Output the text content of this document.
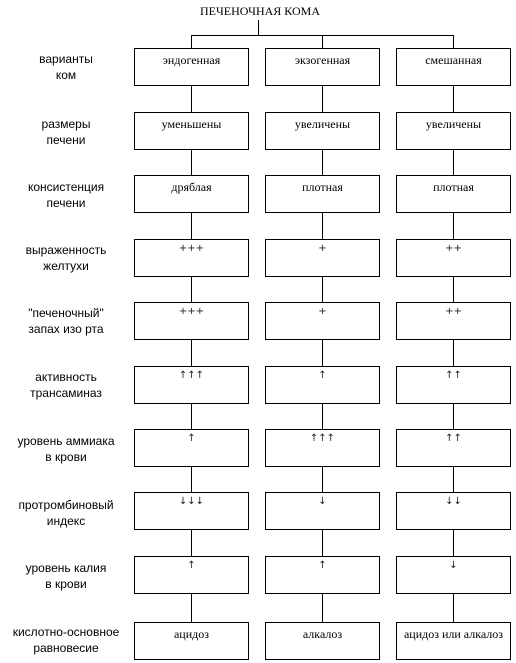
ПЕЧЕНОЧНАЯ КОМА
варианты
ком
эндогенная	экзогенная	смешанная
размеры
печени
уменьшены	увеличены	увеличены
консистенция
печени
дряблая	плотная	плотная
выраженность
желтухи
+++	+	++
"печеночный"
запах изо рта
+++	+	++
активность
трансаминаз
↑↑↑	↑	↑↑
уровень аммиака
в крови
↑	↑↑↑	↑↑
протромбиновый
индекс
↓↓↓	↓	↓↓
уровень калия
в крови
↑	↑	↓
кислотно-основное
равновесие
ацидоз	алкалоз	ацидоз или алкалоз
